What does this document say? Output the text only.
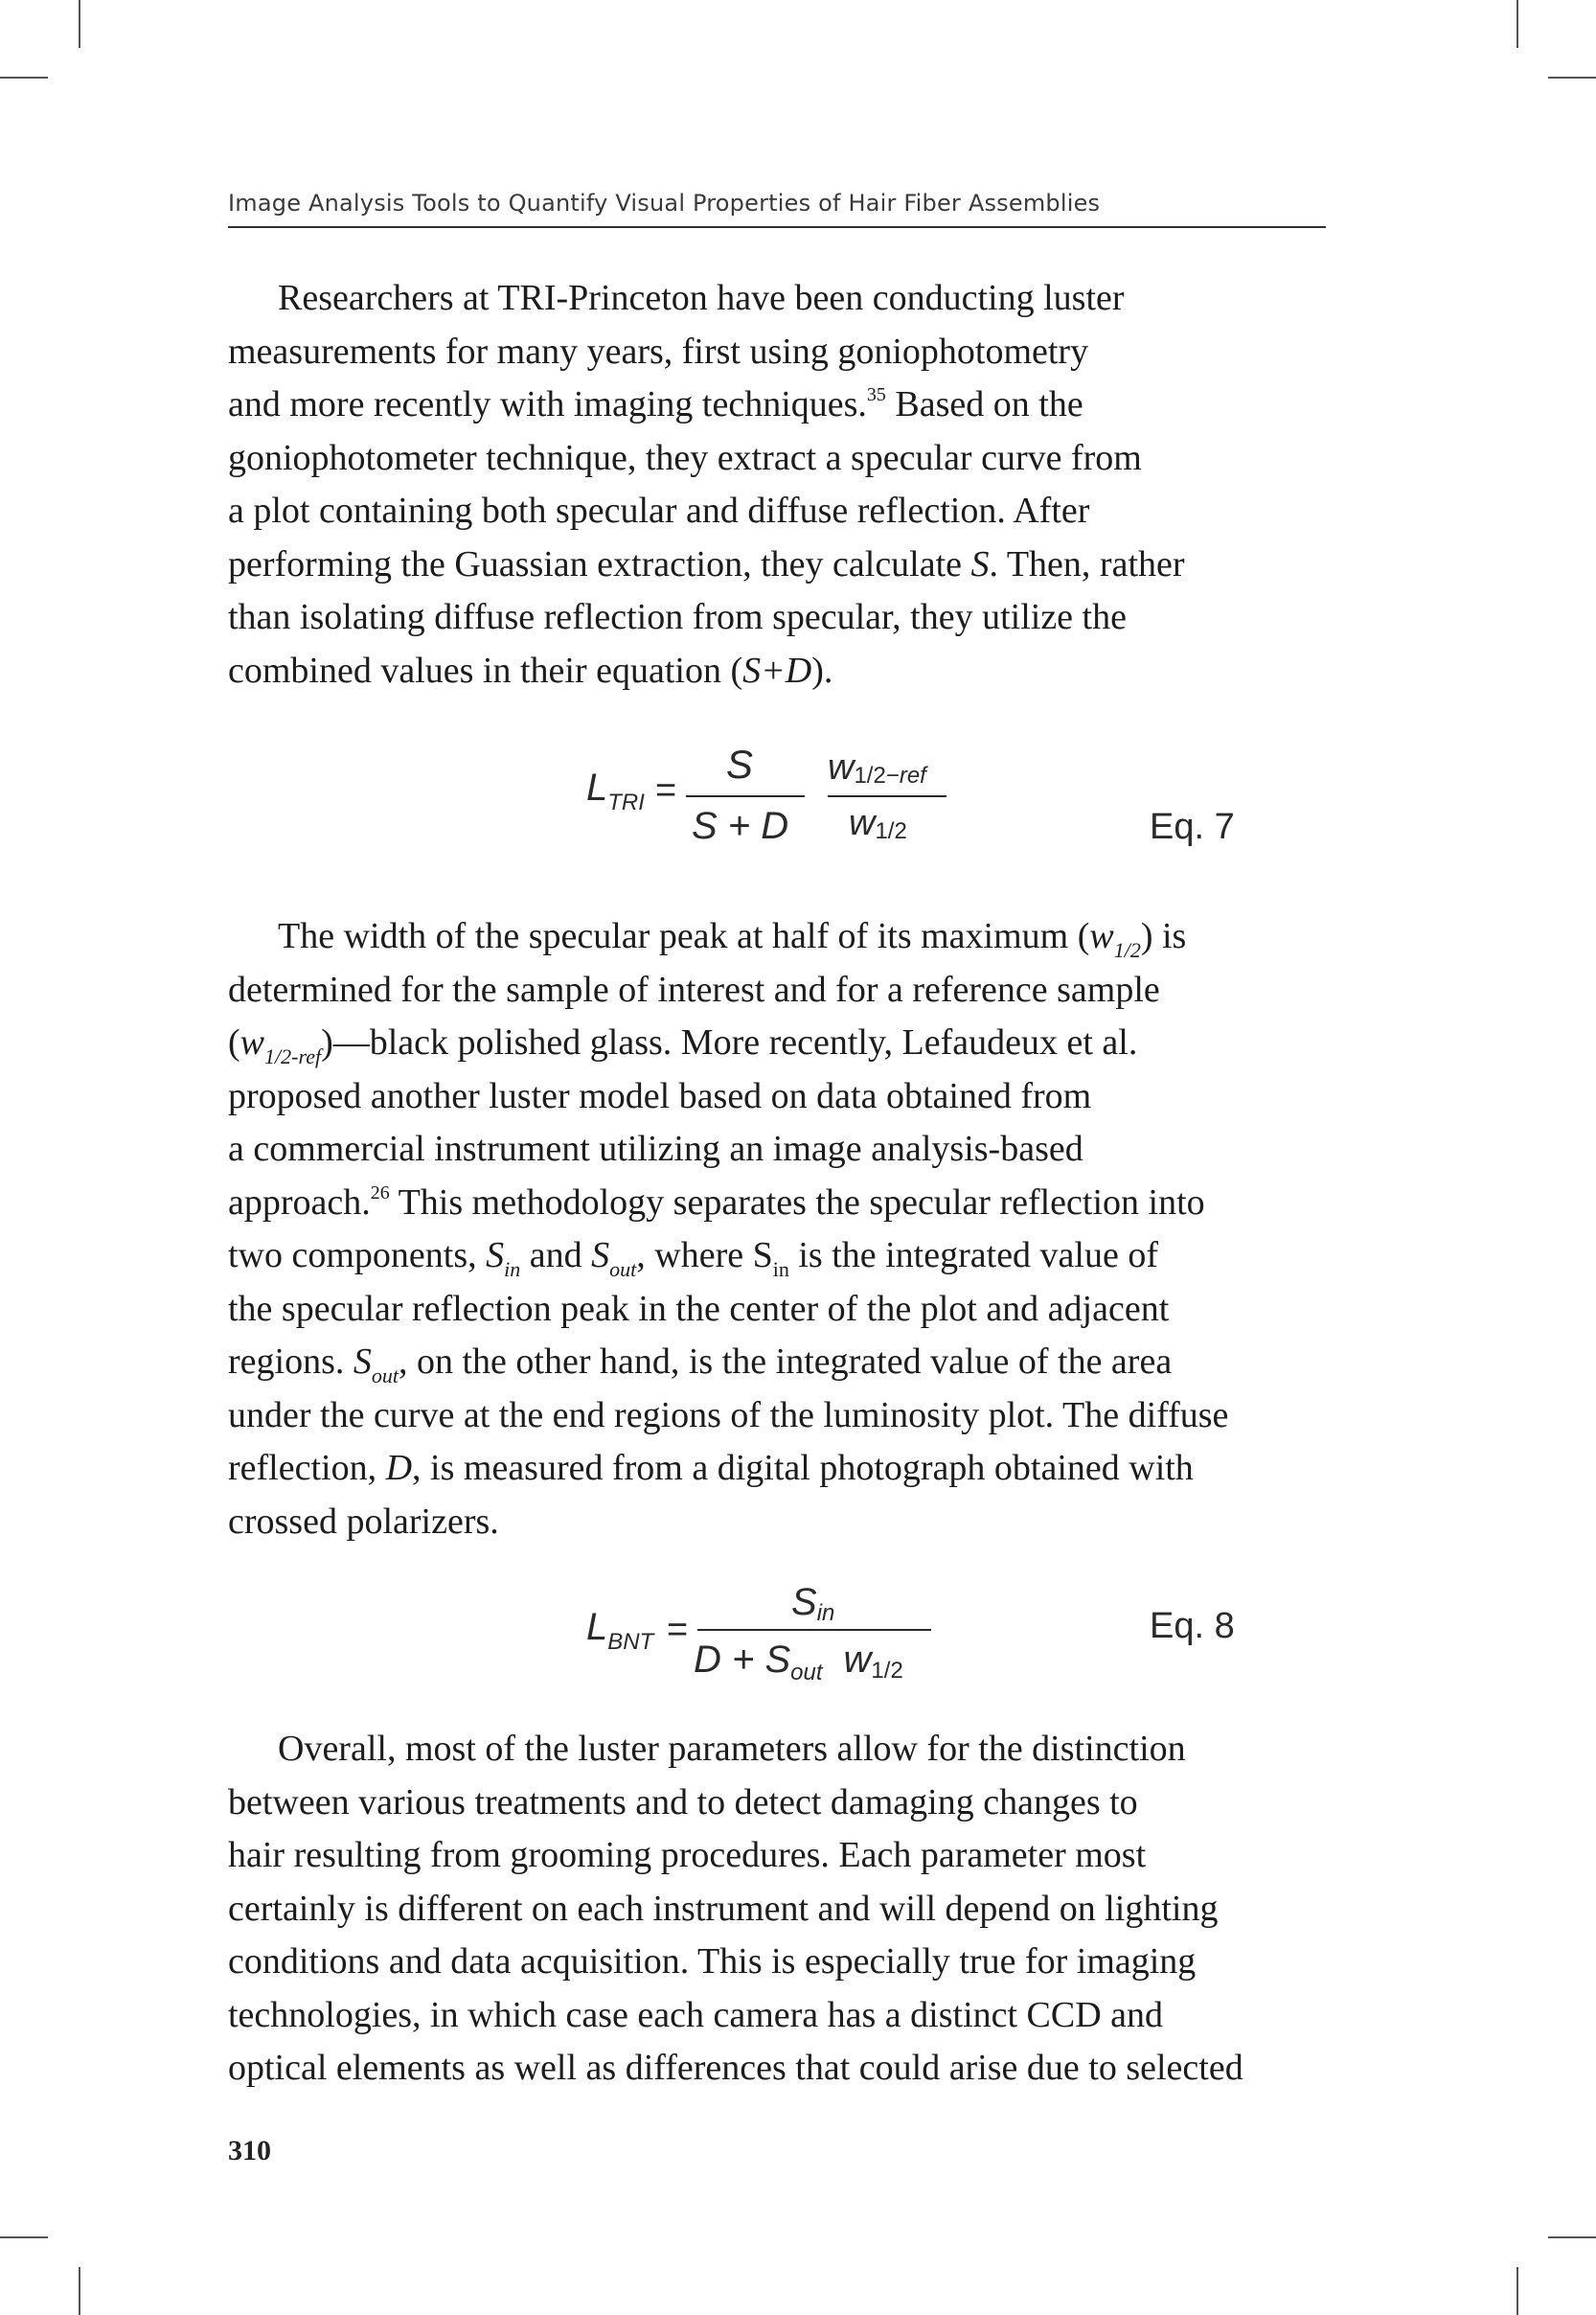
Image Analysis Tools to Quantify Visual Properties of Hair Fiber Assemblies
Researchers at TRI-Princeton have been conducting luster
measurements for many years, first using goniophotometry
and more recently with imaging techniques.$^{35}$ Based on the
goniophotometer technique, they extract a specular curve from
a plot containing both specular and diffuse reflection. After
performing the Guassian extraction, they calculate S. Then, rather
than isolating diffuse reflection from specular, they utilize the
combined values in their equation (S+D).
$L_{TRI}$ =
S
S + D
$w_{1/2-ref}$
$w_{1/2}$	Eq. 7
The width of the specular peak at half of its maximum $(w_{1/2})$ is
determined for the sample of interest and for a reference sample
$(w_{1/2-ref})—black$ polished glass. More recently, Lefaudeux et al.
proposed another luster model based on data obtained from
a commercial instrument utilizing an image analysis-based
approach.$^{26}$ This methodology separates the specular reflection into
two components, $S_{in}$ and $S_{out}$, where $S_{in}$ is the integrated value of
the specular reflection peak in the center of the plot and adjacent
regions. $S_{out}$, on the other hand, is the integrated value of the area
under the curve at the end regions of the luminosity plot. The diffuse
reflection, D, is measured from a digital photograph obtained with
crossed polarizers.
$L_{BNT}$ =
$S_{in}$
$D + S_{out}$ $w_{1/2}$
Eq. 8
Overall, most of the luster parameters allow for the distinction
between various treatments and to detect damaging changes to
hair resulting from grooming procedures. Each parameter most
certainly is different on each instrument and will depend on lighting
conditions and data acquisition. This is especially true for imaging
technologies, in which case each camera has a distinct CCD and
optical elements as well as differences that could arise due to selected
310
